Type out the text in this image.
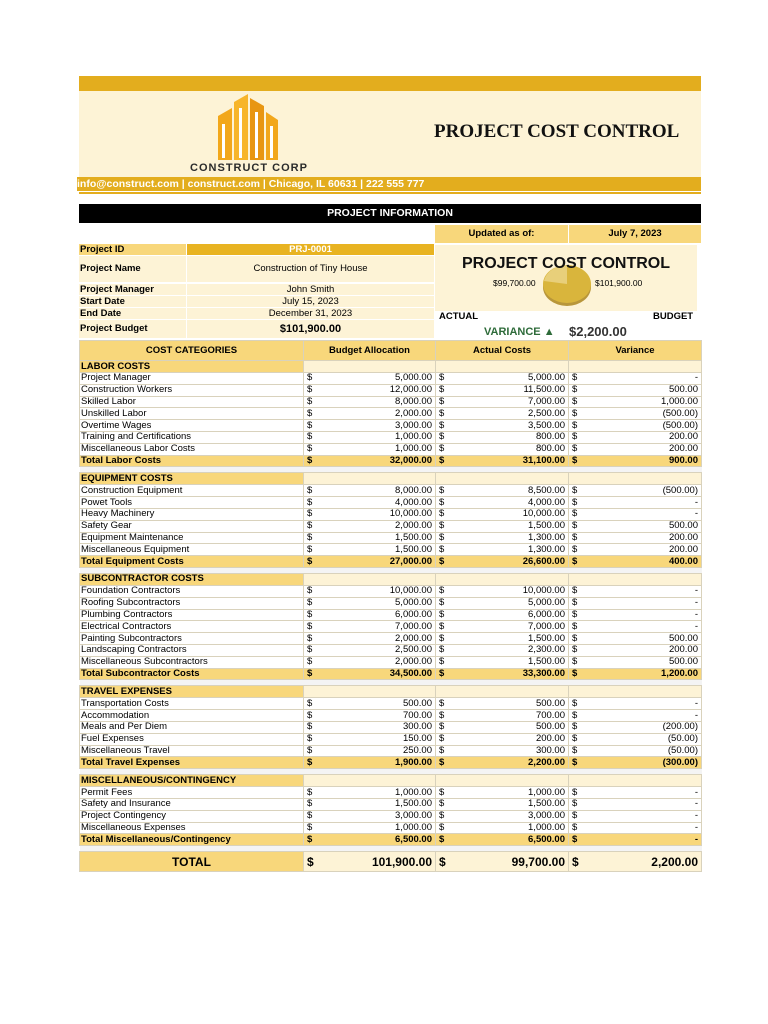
CONSTRUCT CORP
PROJECT COST CONTROL
info@construct.com | construct.com | Chicago, IL 60631 | 222 555 777
PROJECT INFORMATION
Updated as of:	July 7, 2023
Project ID	PRJ-0001
Project Name	Construction of Tiny House
Project Manager	John Smith
Start Date	July 15, 2023
End Date	December 31, 2023
Project Budget	$101,900.00
PROJECT COST CONTROL
$99,700.00	$101,900.00
ACTUAL	BUDGET
VARIANCE ▲ $2,200.00
COST CATEGORIES	Budget Allocation	Actual Costs	Variance
LABOR COSTS			
Project Manager	$ 5,000.00	$ 5,000.00	$ -

Construction Workers	$ 12,000.00	$ 11,500.00	$ 500.00

Skilled Labor	$ 8,000.00	$ 7,000.00	$ 1,000.00

Unskilled Labor	$ 2,000.00	$ 2,500.00	$ (500.00)

Overtime Wages	$ 3,000.00	$ 3,500.00	$ (500.00)

Training and Certifications	$ 1,000.00	$ 800.00	$ 200.00

Miscellaneous Labor Costs	$ 1,000.00	$ 800.00	$ 200.00

Total Labor Costs	$ 32,000.00	$ 31,100.00	$ 900.00

EQUIPMENT COSTS			
Construction Equipment	$ 8,000.00	$ 8,500.00	$ (500.00)

Powet Tools	$ 4,000.00	$ 4,000.00	$ -

Heavy Machinery	$ 10,000.00	$ 10,000.00	$ -

Safety Gear	$ 2,000.00	$ 1,500.00	$ 500.00

Equipment Maintenance	$ 1,500.00	$ 1,300.00	$ 200.00

Miscellaneous Equipment	$ 1,500.00	$ 1,300.00	$ 200.00

Total Equipment Costs	$ 27,000.00	$ 26,600.00	$ 400.00

SUBCONTRACTOR COSTS			
Foundation Contractors	$ 10,000.00	$ 10,000.00	$ -

Roofing Subcontractors	$ 5,000.00	$ 5,000.00	$ -

Plumbing Contractors	$ 6,000.00	$ 6,000.00	$ -

Electrical Contractors	$ 7,000.00	$ 7,000.00	$ -

Painting Subcontractors	$ 2,000.00	$ 1,500.00	$ 500.00

Landscaping Contractors	$ 2,500.00	$ 2,300.00	$ 200.00

Miscellaneous Subcontractors	$ 2,000.00	$ 1,500.00	$ 500.00

Total Subcontractor Costs	$ 34,500.00	$ 33,300.00	$ 1,200.00

TRAVEL EXPENSES			
Transportation Costs	$ 500.00	$ 500.00	$ -

Accommodation	$ 700.00	$ 700.00	$ -

Meals and Per Diem	$ 300.00	$ 500.00	$ (200.00)

Fuel Expenses	$ 150.00	$ 200.00	$ (50.00)

Miscellaneous Travel	$ 250.00	$ 300.00	$ (50.00)

Total Travel Expenses	$ 1,900.00	$ 2,200.00	$ (300.00)

MISCELLANEOUS/CONTINGENCY			
Permit Fees	$ 1,000.00	$ 1,000.00	$ -

Safety and Insurance	$ 1,500.00	$ 1,500.00	$ -

Project Contingency	$ 3,000.00	$ 3,000.00	$ -

Miscellaneous Expenses	$ 1,000.00	$ 1,000.00	$ -

Total Miscellaneous/Contingency	$ 6,500.00	$ 6,500.00	$ -

TOTAL	$ 101,900.00	$ 99,700.00	$ 2,200.00
